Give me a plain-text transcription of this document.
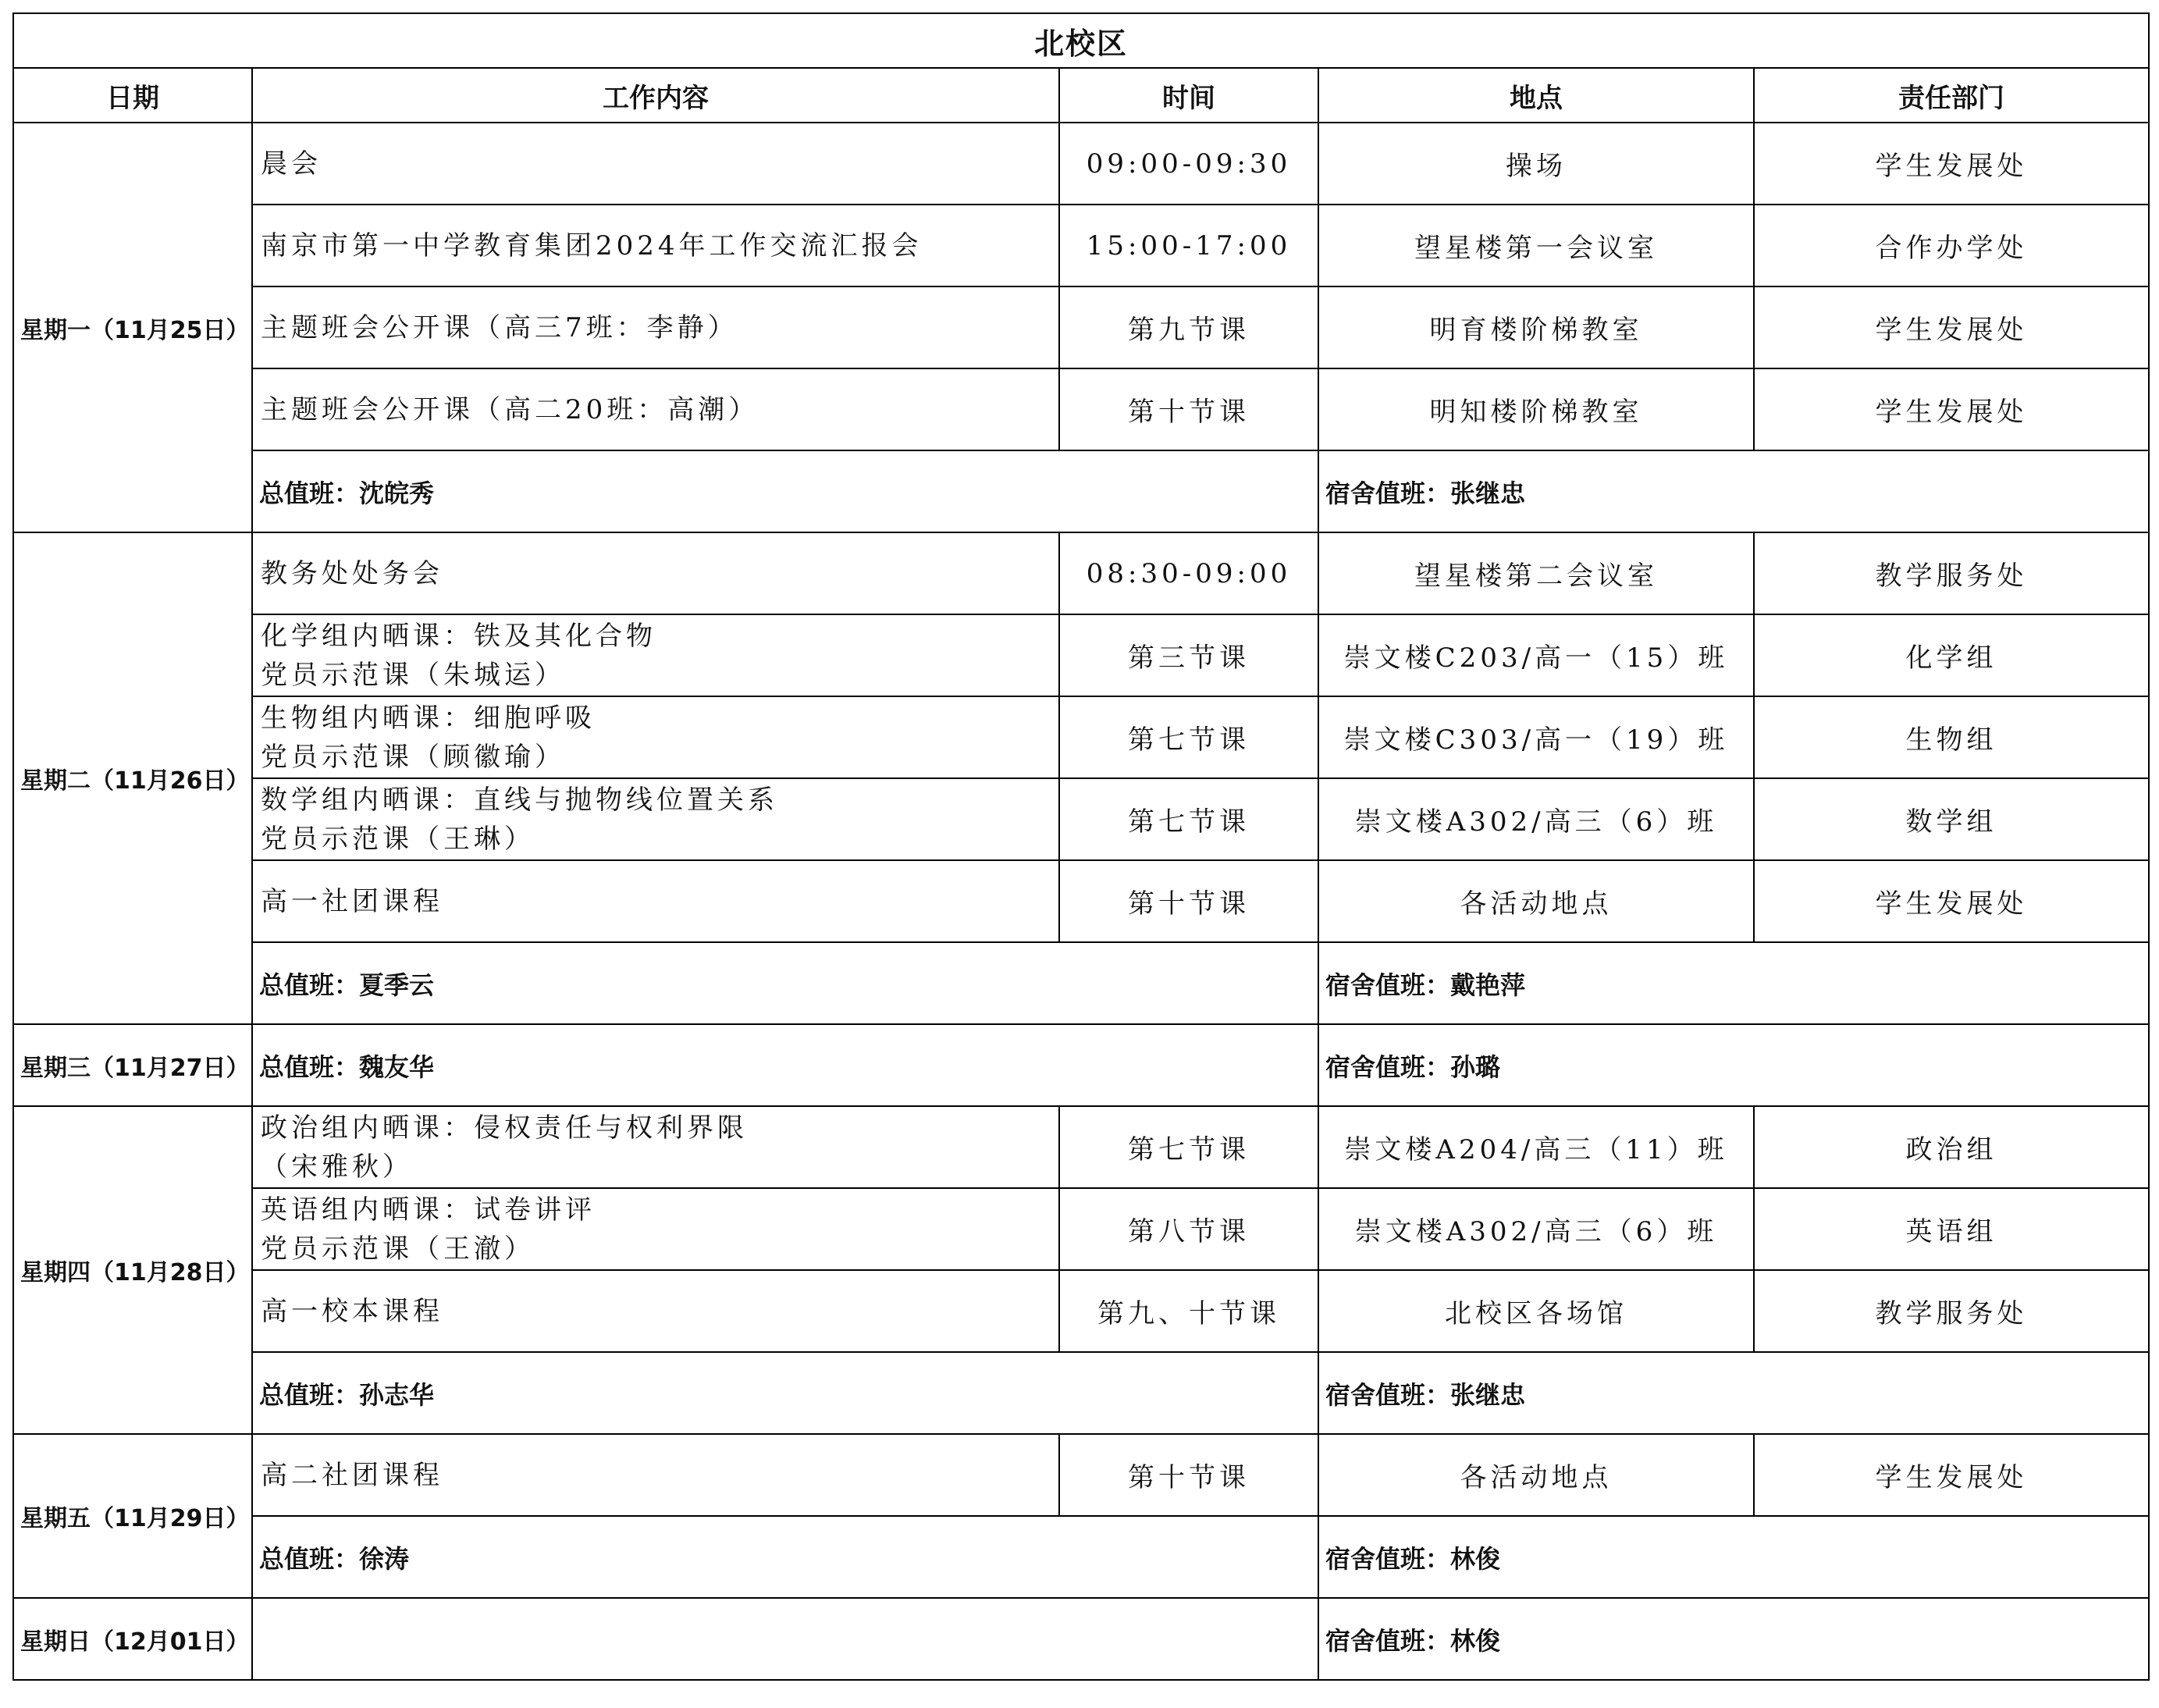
北校区				
日期	工作内容	时间	地点	责任部门
星期一（11月25日）	晨会	09:00-09:30	操场	学生发展处

	南京市第一中学教育集团2024年工作交流汇报会	15:00-17:00	望星楼第一会议室	合作办学处

	主题班会公开课（高三7班：李静）	第九节课	明育楼阶梯教室	学生发展处

	主题班会公开课（高二20班：高潮）	第十节课	明知楼阶梯教室	学生发展处
	总值班：沈皖秀		宿舍值班：张继忠	
星期二（11月26日）	教务处处务会	08:30-09:00	望星楼第二会议室	教学服务处

	化学组内晒课：铁及其化合物
党员示范课（朱城运）	第三节课	崇文楼C203/高一（15）班	化学组

	生物组内晒课：细胞呼吸
党员示范课（顾徽瑜）	第七节课	崇文楼C303/高一（19）班	生物组

	数学组内晒课：直线与抛物线位置关系
党员示范课（王琳）	第七节课	崇文楼A302/高三（6）班	数学组

	高一社团课程	第十节课	各活动地点	学生发展处
	总值班：夏季云		宿舍值班：戴艳萍	
星期三（11月27日）	总值班：魏友华		宿舍值班：孙璐	
星期四（11月28日）	政治组内晒课：侵权责任与权利界限
（宋雅秋）	第七节课	崇文楼A204/高三（11）班	政治组

	英语组内晒课：试卷讲评
党员示范课（王澈）	第八节课	崇文楼A302/高三（6）班	英语组

	高一校本课程	第九、十节课	北校区各场馆	教学服务处
	总值班：孙志华		宿舍值班：张继忠	
星期五（11月29日）	高二社团课程	第十节课	各活动地点	学生发展处
	总值班：徐涛		宿舍值班：林俊	
星期日（12月01日）			宿舍值班：林俊	
